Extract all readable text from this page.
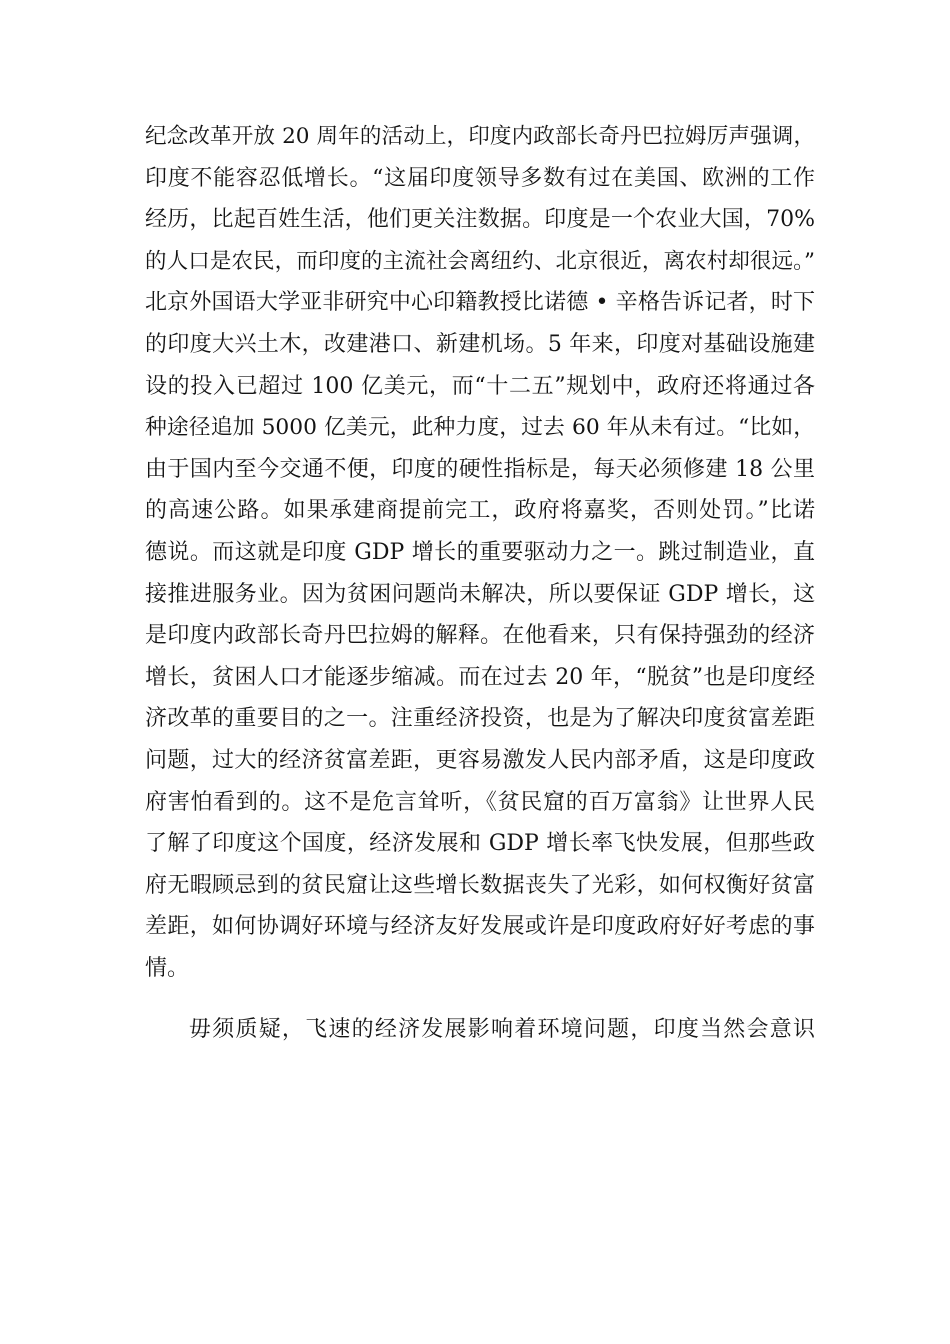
纪念改革开放 20 周年的活动上，印度内政部长奇丹巴拉姆厉声强调，
印度不能容忍低增长。“这届印度领导多数有过在美国、欧洲的工作
经历，比起百姓生活，他们更关注数据。印度是一个农业大国，70%
的人口是农民，而印度的主流社会离纽约、北京很近，离农村却很远。”
北京外国语大学亚非研究中心印籍教授比诺德 • 辛格告诉记者，时下
的印度大兴土木，改建港口、新建机场。5 年来，印度对基础设施建
设的投入已超过 100 亿美元，而“十二五”规划中，政府还将通过各
种途径追加 5000 亿美元，此种力度，过去 60 年从未有过。“比如，
由于国内至今交通不便，印度的硬性指标是，每天必须修建 18 公里
的高速公路。如果承建商提前完工，政府将嘉奖，否则处罚。”比诺
德说。而这就是印度 GDP 增长的重要驱动力之一。跳过制造业，直
接推进服务业。因为贫困问题尚未解决，所以要保证 GDP 增长，这
是印度内政部长奇丹巴拉姆的解释。在他看来，只有保持强劲的经济
增长，贫困人口才能逐步缩减。而在过去 20 年，“脱贫”也是印度经
济改革的重要目的之一。注重经济投资，也是为了解决印度贫富差距
问题，过大的经济贫富差距，更容易激发人民内部矛盾，这是印度政
府害怕看到的。这不是危言耸听，《贫民窟的百万富翁》让世界人民
了解了印度这个国度，经济发展和 GDP 增长率飞快发展，但那些政
府无暇顾忌到的贫民窟让这些增长数据丧失了光彩，如何权衡好贫富
差距，如何协调好环境与经济友好发展或许是印度政府好好考虑的事
情。
毋须质疑，飞速的经济发展影响着环境问题，印度当然会意识
